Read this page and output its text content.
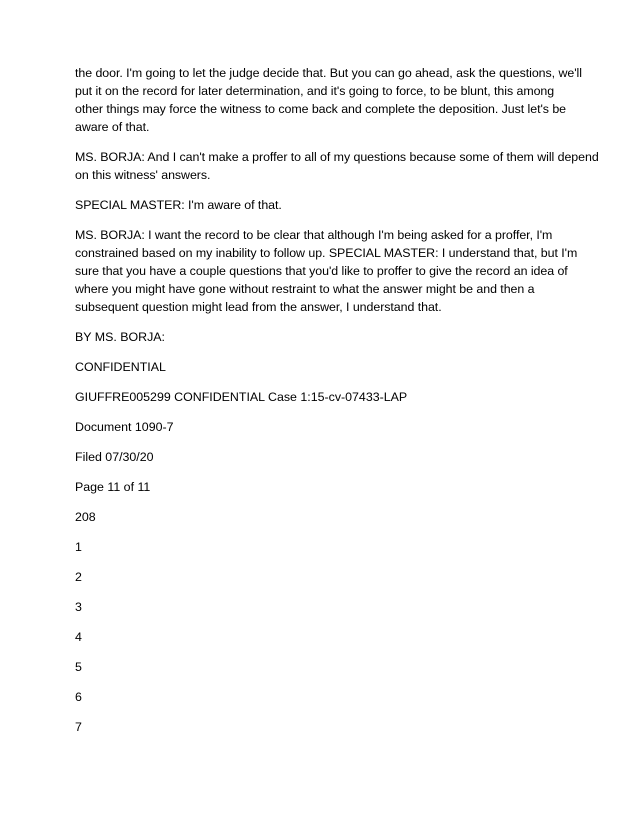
the door. I'm going to let the judge decide that. But you can go ahead, ask the questions, we'll
put it on the record for later determination, and it's going to force, to be blunt, this among
other things may force the witness to come back and complete the deposition. Just let's be
aware of that.
MS. BORJA: And I can't make a proffer to all of my questions because some of them will depend
on this witness' answers.
SPECIAL MASTER: I'm aware of that.
MS. BORJA: I want the record to be clear that although I'm being asked for a proffer, I'm
constrained based on my inability to follow up. SPECIAL MASTER: I understand that, but I'm
sure that you have a couple questions that you'd like to proffer to give the record an idea of
where you might have gone without restraint to what the answer might be and then a
subsequent question might lead from the answer, I understand that.
BY MS. BORJA:
CONFIDENTIAL
GIUFFRE005299 CONFIDENTIAL Case 1:15-cv-07433-LAP
Document 1090-7
Filed 07/30/20
Page 11 of 11
208
1
2
3
4
5
6
7
